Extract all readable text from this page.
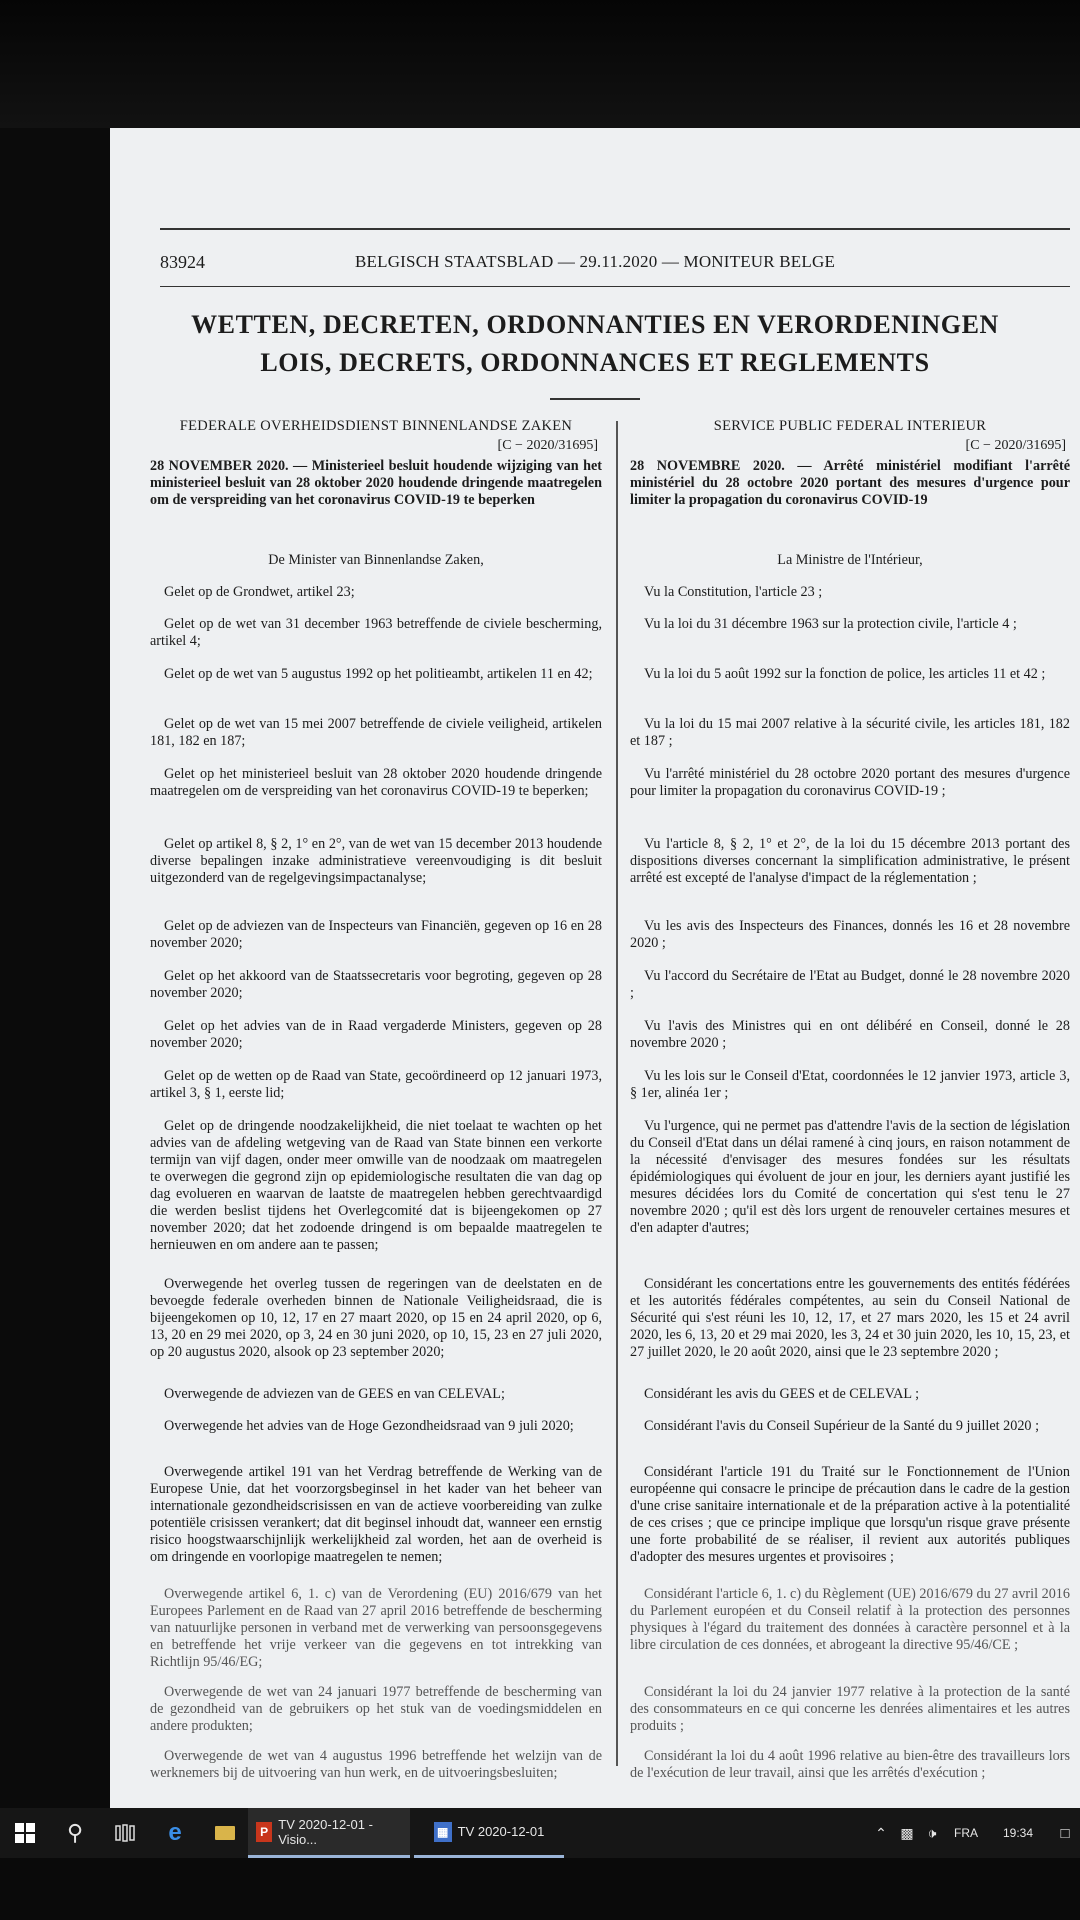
83924	BELGISCH STAATSBLAD — 29.11.2020 — MONITEUR BELGE
WETTEN, DECRETEN, ORDONNANTIES EN VERORDENINGEN
LOIS, DECRETS, ORDONNANCES ET REGLEMENTS
FEDERALE OVERHEIDSDIENST BINNENLANDSE ZAKEN
[C − 2020/31695]
28 NOVEMBER 2020. — Ministerieel besluit houdende wijziging van het ministerieel besluit van 28 oktober 2020 houdende dringende maatregelen om de verspreiding van het coronavirus COVID-19 te beperken
De Minister van Binnenlandse Zaken,
Gelet op de Grondwet, artikel 23;
Gelet op de wet van 31 december 1963 betreffende de civiele bescherming, artikel 4;
Gelet op de wet van 5 augustus 1992 op het politieambt, artikelen 11 en 42;
Gelet op de wet van 15 mei 2007 betreffende de civiele veiligheid, artikelen 181, 182 en 187;
Gelet op het ministerieel besluit van 28 oktober 2020 houdende dringende maatregelen om de verspreiding van het coronavirus COVID-19 te beperken;
Gelet op artikel 8, § 2, 1° en 2°, van de wet van 15 december 2013 houdende diverse bepalingen inzake administratieve vereenvoudiging is dit besluit uitgezonderd van de regelgevingsimpactanalyse;
Gelet op de adviezen van de Inspecteurs van Financiën, gegeven op 16 en 28 november 2020;
Gelet op het akkoord van de Staatssecretaris voor begroting, gegeven op 28 november 2020;
Gelet op het advies van de in Raad vergaderde Ministers, gegeven op 28 november 2020;
Gelet op de wetten op de Raad van State, gecoördineerd op 12 januari 1973, artikel 3, § 1, eerste lid;
Gelet op de dringende noodzakelijkheid, die niet toelaat te wachten op het advies van de afdeling wetgeving van de Raad van State binnen een verkorte termijn van vijf dagen, onder meer omwille van de noodzaak om maatregelen te overwegen die gegrond zijn op epidemiologische resultaten die van dag op dag evolueren en waarvan de laatste de maatregelen hebben gerechtvaardigd die werden beslist tijdens het Overlegcomité dat is bijeengekomen op 27 november 2020; dat het zodoende dringend is om bepaalde maatregelen te hernieuwen en om andere aan te passen;
Overwegende het overleg tussen de regeringen van de deelstaten en de bevoegde federale overheden binnen de Nationale Veiligheidsraad, die is bijeengekomen op 10, 12, 17 en 27 maart 2020, op 15 en 24 april 2020, op 6, 13, 20 en 29 mei 2020, op 3, 24 en 30 juni 2020, op 10, 15, 23 en 27 juli 2020, op 20 augustus 2020, alsook op 23 september 2020;
Overwegende de adviezen van de GEES en van CELEVAL;
Overwegende het advies van de Hoge Gezondheidsraad van 9 juli 2020;
Overwegende artikel 191 van het Verdrag betreffende de Werking van de Europese Unie, dat het voorzorgsbeginsel in het kader van het beheer van internationale gezondheidscrisissen en van de actieve voorbereiding van zulke potentiële crisissen verankert; dat dit beginsel inhoudt dat, wanneer een ernstig risico hoogstwaarschijnlijk werkelijkheid zal worden, het aan de overheid is om dringende en voorlopige maatregelen te nemen;
Overwegende artikel 6, 1. c) van de Verordening (EU) 2016/679 van het Europees Parlement en de Raad van 27 april 2016 betreffende de bescherming van natuurlijke personen in verband met de verwerking van persoonsgegevens en betreffende het vrije verkeer van die gegevens en tot intrekking van Richtlijn 95/46/EG;
Overwegende de wet van 24 januari 1977 betreffende de bescherming van de gezondheid van de gebruikers op het stuk van de voedingsmiddelen en andere produkten;
Overwegende de wet van 4 augustus 1996 betreffende het welzijn van de werknemers bij de uitvoering van hun werk, en de uitvoeringsbesluiten;
SERVICE PUBLIC FEDERAL INTERIEUR
[C − 2020/31695]
28 NOVEMBRE 2020. — Arrêté ministériel modifiant l'arrêté ministériel du 28 octobre 2020 portant des mesures d'urgence pour limiter la propagation du coronavirus COVID-19
La Ministre de l'Intérieur,
Vu la Constitution, l'article 23 ;
Vu la loi du 31 décembre 1963 sur la protection civile, l'article 4 ;
Vu la loi du 5 août 1992 sur la fonction de police, les articles 11 et 42 ;
Vu la loi du 15 mai 2007 relative à la sécurité civile, les articles 181, 182 et 187 ;
Vu l'arrêté ministériel du 28 octobre 2020 portant des mesures d'urgence pour limiter la propagation du coronavirus COVID-19 ;
Vu l'article 8, § 2, 1° et 2°, de la loi du 15 décembre 2013 portant des dispositions diverses concernant la simplification administrative, le présent arrêté est excepté de l'analyse d'impact de la réglementation ;
Vu les avis des Inspecteurs des Finances, donnés les 16 et 28 novembre 2020 ;
Vu l'accord du Secrétaire de l'Etat au Budget, donné le 28 novembre 2020 ;
Vu l'avis des Ministres qui en ont délibéré en Conseil, donné le 28 novembre 2020 ;
Vu les lois sur le Conseil d'Etat, coordonnées le 12 janvier 1973, article 3, § 1er, alinéa 1er ;
Vu l'urgence, qui ne permet pas d'attendre l'avis de la section de législation du Conseil d'Etat dans un délai ramené à cinq jours, en raison notamment de la nécessité d'envisager des mesures fondées sur les résultats épidémiologiques qui évoluent de jour en jour, les derniers ayant justifié les mesures décidées lors du Comité de concertation qui s'est tenu le 27 novembre 2020 ; qu'il est dès lors urgent de renouveler certaines mesures et d'en adapter d'autres;
Considérant les concertations entre les gouvernements des entités fédérées et les autorités fédérales compétentes, au sein du Conseil National de Sécurité qui s'est réuni les 10, 12, 17, et 27 mars 2020, les 15 et 24 avril 2020, les 6, 13, 20 et 29 mai 2020, les 3, 24 et 30 juin 2020, les 10, 15, 23, et 27 juillet 2020, le 20 août 2020, ainsi que le 23 septembre 2020 ;
Considérant les avis du GEES et de CELEVAL ;
Considérant l'avis du Conseil Supérieur de la Santé du 9 juillet 2020 ;
Considérant l'article 191 du Traité sur le Fonctionnement de l'Union européenne qui consacre le principe de précaution dans le cadre de la gestion d'une crise sanitaire internationale et de la préparation active à la potentialité de ces crises ; que ce principe implique que lorsqu'un risque grave présente une forte probabilité de se réaliser, il revient aux autorités publiques d'adopter des mesures urgentes et provisoires ;
Considérant l'article 6, 1. c) du Règlement (UE) 2016/679 du 27 avril 2016 du Parlement européen et du Conseil relatif à la protection des personnes physiques à l'égard du traitement des données à caractère personnel et à la libre circulation de ces données, et abrogeant la directive 95/46/CE ;
Considérant la loi du 24 janvier 1977 relative à la protection de la santé des consommateurs en ce qui concerne les denrées alimentaires et les autres produits ;
Considérant la loi du 4 août 1996 relative au bien-être des travailleurs lors de l'exécution de leur travail, ainsi que les arrêtés d'exécution ;
⚲	e	P TV 2020-12-01 - Visio...	▦ TV 2020-12-01	⌃ ▩ 🕩	FRA	19:34	□
